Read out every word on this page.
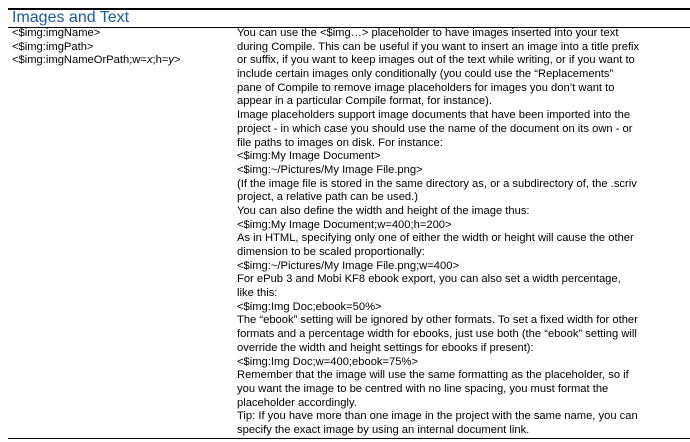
Images and Text
<$img:imgName>
<$img:imgPath>
<$img:imgNameOrPath;w=x;h=y>
You can use the <$img…> placeholder to have images inserted into your text
during Compile. This can be useful if you want to insert an image into a title prefix
or suffix, if you want to keep images out of the text while writing, or if you want to
include certain images only conditionally (you could use the “Replacements”
pane of Compile to remove image placeholders for images you don’t want to
appear in a particular Compile format, for instance).
Image placeholders support image documents that have been imported into the
project - in which case you should use the name of the document on its own - or
file paths to images on disk. For instance:
<$img:My Image Document>
<$img:~/Pictures/My Image File.png>
(If the image file is stored in the same directory as, or a subdirectory of, the .scriv
project, a relative path can be used.)
You can also define the width and height of the image thus:
<$img:My Image Document;w=400;h=200>
As in HTML, specifying only one of either the width or height will cause the other
dimension to be scaled proportionally:
<$img:~/Pictures/My Image File.png;w=400>
For ePub 3 and Mobi KF8 ebook export, you can also set a width percentage,
like this:
<$img:Img Doc;ebook=50%>
The “ebook” setting will be ignored by other formats. To set a fixed width for other
formats and a percentage width for ebooks, just use both (the “ebook” setting will
override the width and height settings for ebooks if present):
<$img:Img Doc;w=400;ebook=75%>
Remember that the image will use the same formatting as the placeholder, so if
you want the image to be centred with no line spacing, you must format the
placeholder accordingly.
Tip: If you have more than one image in the project with the same name, you can
specify the exact image by using an internal document link.
